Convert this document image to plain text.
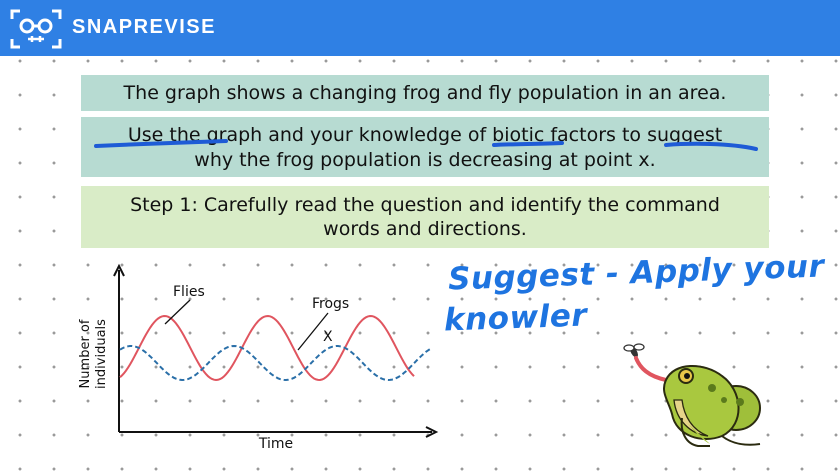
SNAPREVISE
The graph shows a changing frog and fly population in an area.
Use the graph and your knowledge of biotic factors to suggest
why the frog population is decreasing at point x.
Step 1: Carefully read the question and identify the command
words and directions.
Number of individuals
Time
Flies
Frogs
X
Suggest - Apply your
knowler
